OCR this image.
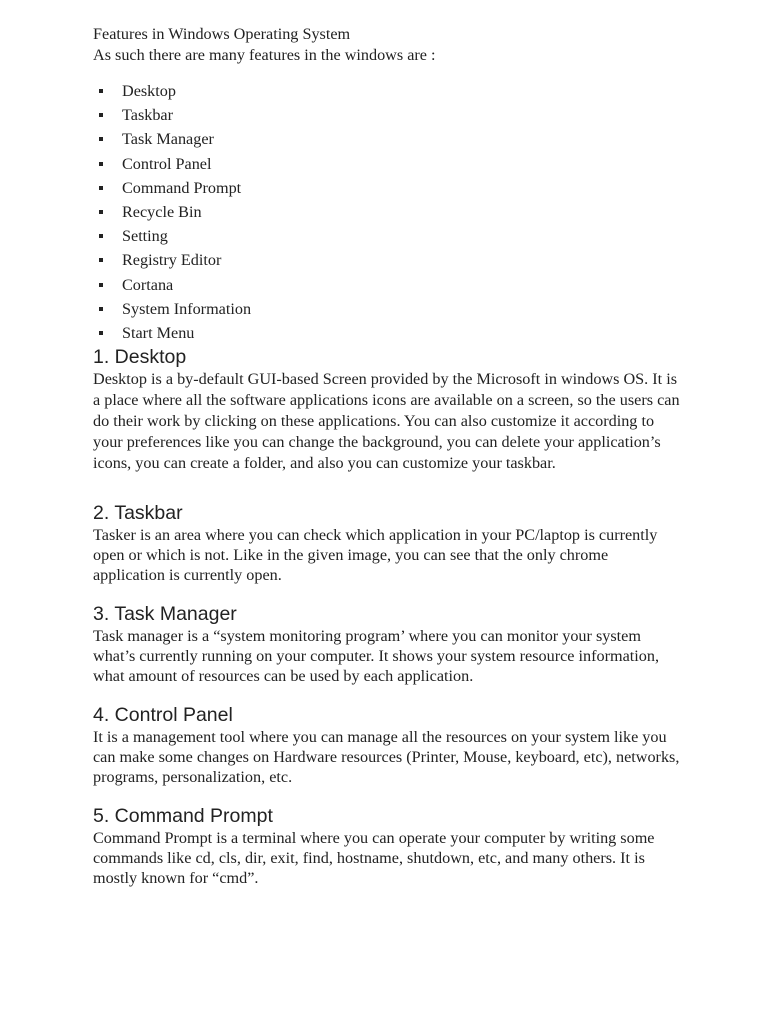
Features in Windows Operating System

As such there are many features in the windows are :

Desktop
Taskbar
Task Manager
Control Panel
Command Prompt
Recycle Bin
Setting
Registry Editor
Cortana
System Information
Start Menu
1. Desktop

Desktop is a by-default GUI-based Screen provided by the Microsoft in windows OS. It is a place where all the software applications icons are available on a screen, so the users can do their work by clicking on these applications. You can also customize it according to your preferences like you can change the background, you can delete your application’s icons, you can create a folder, and also you can customize your taskbar.

2. Taskbar

Tasker is an area where you can check which application in your PC/laptop is currently open or which is not. Like in the given image, you can see that the only chrome application is currently open.

3. Task Manager

Task manager is a “system monitoring program’ where you can monitor your system what’s currently running on your computer. It shows your system resource information, what amount of resources can be used by each application.

4. Control Panel

It is a management tool where you can manage all the resources on your system like you can make some changes on Hardware resources (Printer, Mouse, keyboard, etc), networks, programs, personalization, etc.

5. Command Prompt

Command Prompt is a terminal where you can operate your computer by writing some commands like cd, cls, dir, exit, find, hostname, shutdown, etc, and many others. It is mostly known for “cmd”.
